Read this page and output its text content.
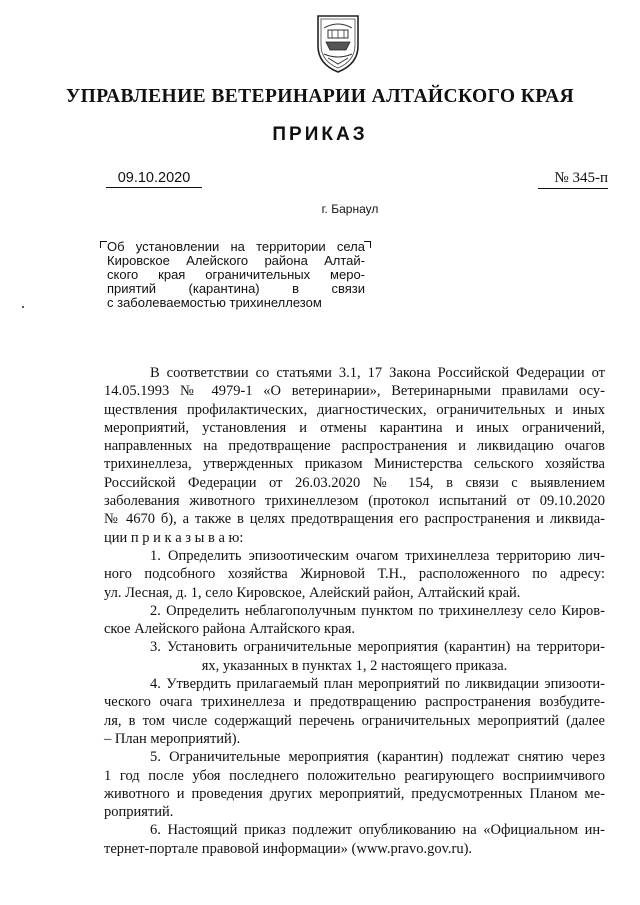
УПРАВЛЕНИЕ ВЕТЕРИНАРИИ АЛТАЙСКОГО КРАЯ
ПРИКАЗ
09.10.2020	№ 345-п
г. Барнаул
Об установлении на территории села
Кировское Алейского района Алтай-
ского края ограничительных меро-
приятий (карантина) в связи
с заболеваемостью трихинеллезом
В соответствии со статьями 3.1, 17 Закона Российской Федерации от
14.05.1993 № 4979-1 «О ветеринарии», Ветеринарными правилами осу-
ществления профилактических, диагностических, ограничительных и иных
мероприятий, установления и отмены карантина и иных ограничений,
направленных на предотвращение распространения и ликвидацию очагов
трихинеллеза, утвержденных приказом Министерства сельского хозяйства
Российской Федерации от 26.03.2020 № 154, в связи с выявлением
заболевания животного трихинеллезом (протокол испытаний от 09.10.2020
№ 4670 б), а также в целях предотвращения его распространения и ликвида-
ции п р и к а з ы в а ю:
1. Определить эпизоотическим очагом трихинеллеза территорию лич-
ного подсобного хозяйства Жирновой Т.Н., расположенного по адресу:
ул. Лесная, д. 1, село Кировское, Алейский район, Алтайский край.
2. Определить неблагополучным пунктом по трихинеллезу село Киров-
ское Алейского района Алтайского края.
3. Установить ограничительные мероприятия (карантин) на территори-
ях, указанных в пунктах 1, 2 настоящего приказа.
4. Утвердить прилагаемый план мероприятий по ликвидации эпизооти-
ческого очага трихинеллеза и предотвращению распространения возбудите-
ля, в том числе содержащий перечень ограничительных мероприятий (далее
– План мероприятий).
5. Ограничительные мероприятия (карантин) подлежат снятию через
1 год после убоя последнего положительно реагирующего восприимчивого
животного и проведения других мероприятий, предусмотренных Планом ме-
роприятий.
6. Настоящий приказ подлежит опубликованию на «Официальном ин-
тернет-портале правовой информации» (www.pravo.gov.ru).
